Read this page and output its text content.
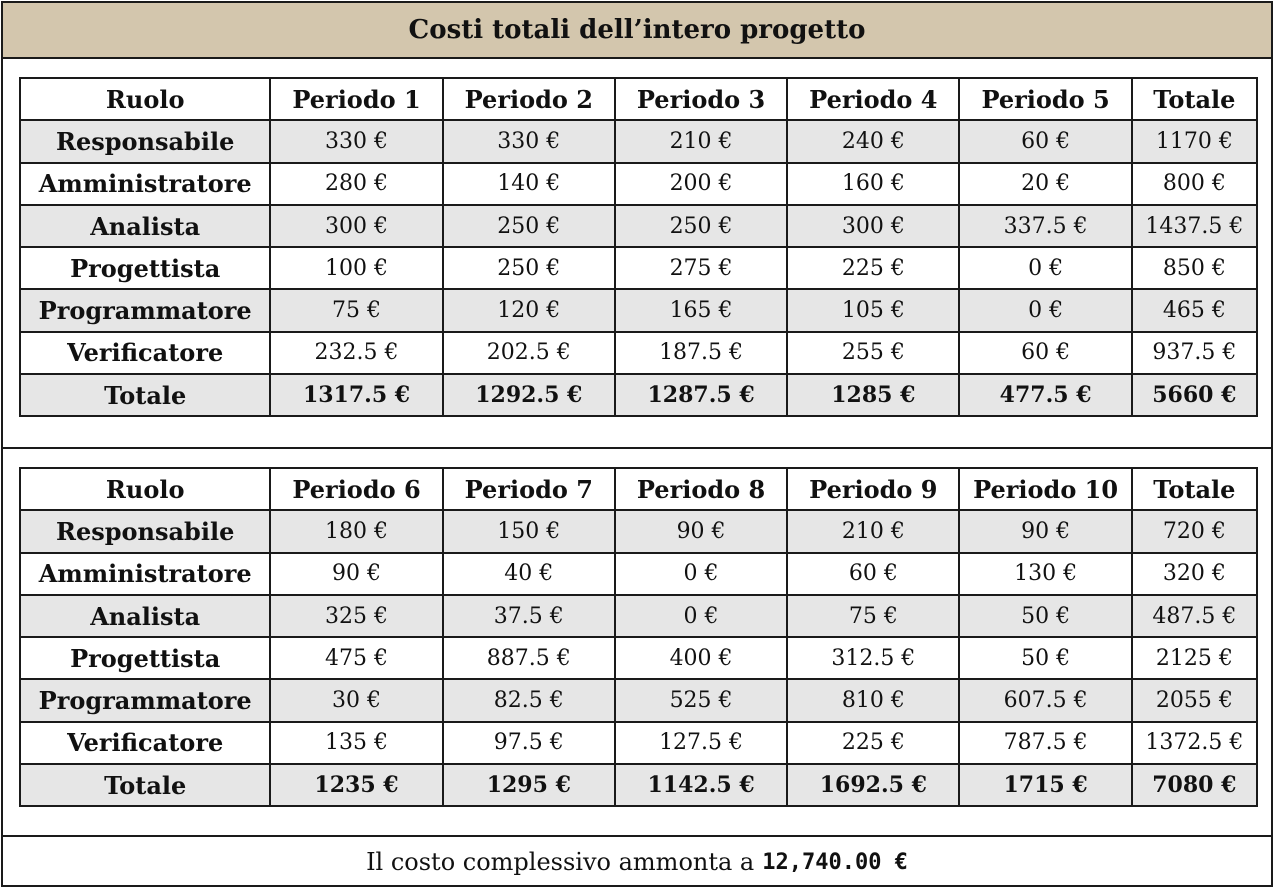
Costi totali dell’intero progetto
Ruolo	Periodo 1	Periodo 2	Periodo 3	Periodo 4	Periodo 5	Totale
Responsabile	330 €	330 €	210 €	240 €	60 €	1170 €
Amministratore	280 €	140 €	200 €	160 €	20 €	800 €
Analista	300 €	250 €	250 €	300 €	337.5 €	1437.5 €
Progettista	100 €	250 €	275 €	225 €	0 €	850 €
Programmatore	75 €	120 €	165 €	105 €	0 €	465 €
Verificatore	232.5 €	202.5 €	187.5 €	255 €	60 €	937.5 €
Totale	1317.5 €	1292.5 €	1287.5 €	1285 €	477.5 €	5660 €
Ruolo	Periodo 6	Periodo 7	Periodo 8	Periodo 9	Periodo 10	Totale
Responsabile	180 €	150 €	90 €	210 €	90 €	720 €
Amministratore	90 €	40 €	0 €	60 €	130 €	320 €
Analista	325 €	37.5 €	0 €	75 €	50 €	487.5 €
Progettista	475 €	887.5 €	400 €	312.5 €	50 €	2125 €
Programmatore	30 €	82.5 €	525 €	810 €	607.5 €	2055 €
Verificatore	135 €	97.5 €	127.5 €	225 €	787.5 €	1372.5 €
Totale	1235 €	1295 €	1142.5 €	1692.5 €	1715 €	7080 €
Il costo complessivo ammonta a 12,740.00 €
